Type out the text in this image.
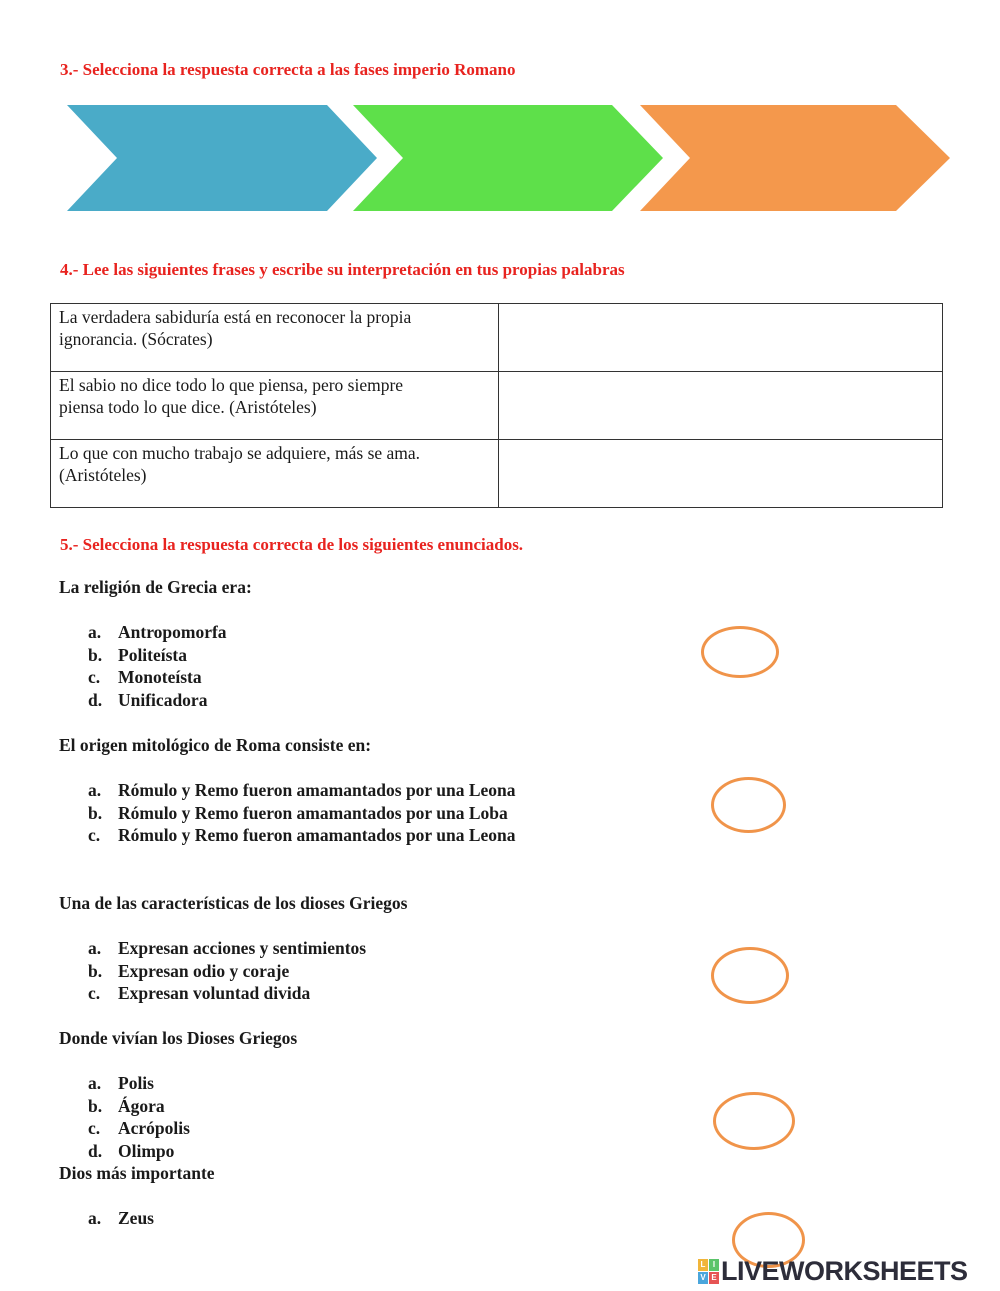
3.- Selecciona la respuesta correcta a las fases imperio Romano
4.- Lee las siguientes frases y escribe su interpretación en tus propias palabras
La verdadera sabiduría está en reconocer la propia
ignorancia. (Sócrates)	

El sabio no dice todo lo que piensa, pero siempre
piensa todo lo que dice. (Aristóteles)	

Lo que con mucho trabajo se adquiere, más se ama.
(Aristóteles)	

5.- Selecciona la respuesta correcta de los siguientes enunciados.
La religión de Grecia era:
a. Antropomorfa
b. Politeísta
c.	Monoteísta
d. Unificadora
El origen mitológico de Roma consiste en:
a. Rómulo y Remo fueron amamantados por una Leona
b. Rómulo y Remo fueron amamantados por una Loba
c.	Rómulo y Remo fueron amamantados por una Leona
Una de las características de los dioses Griegos
a. Expresan acciones y sentimientos
b. Expresan odio y coraje
c.	Expresan voluntad divida
Donde vivían los Dioses Griegos
a. Polis
b. Ágora
c.	Acrópolis
d. Olimpo
Dios más importante
a. Zeus
L I
V E LIVEWORKSHEETS
